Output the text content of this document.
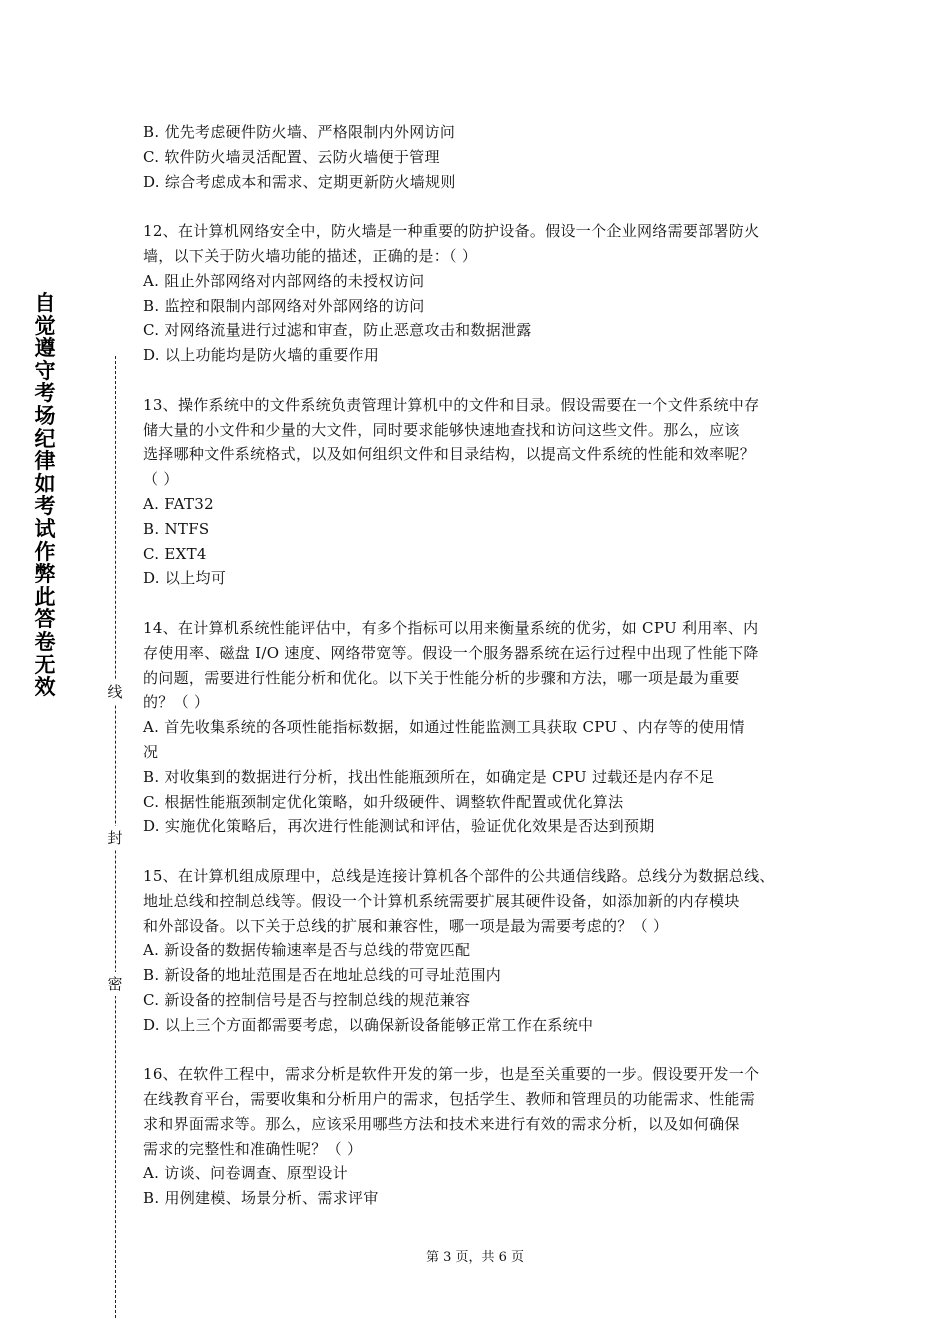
自
觉
遵
守
考
场
纪
律
如
考
试
作
弊
此
答
卷
无
效	线
封
密

B. 优先考虑硬件防火墙、严格限制内外网访问

C. 软件防火墙灵活配置、云防火墙便于管理

D. 综合考虑成本和需求、定期更新防火墙规则

12、在计算机网络安全中，防火墙是一种重要的防护设备。假设一个企业网络需要部署防火

墙，以下关于防火墙功能的描述，正确的是：（ ）

A. 阻止外部网络对内部网络的未授权访问

B. 监控和限制内部网络对外部网络的访问

C. 对网络流量进行过滤和审查，防止恶意攻击和数据泄露

D. 以上功能均是防火墙的重要作用

13、操作系统中的文件系统负责管理计算机中的文件和目录。假设需要在一个文件系统中存

储大量的小文件和少量的大文件，同时要求能够快速地查找和访问这些文件。那么，应该

选择哪种文件系统格式，以及如何组织文件和目录结构，以提高文件系统的性能和效率呢？

（ ）

A. FAT32

B. NTFS

C. EXT4

D. 以上均可

14、在计算机系统性能评估中，有多个指标可以用来衡量系统的优劣，如 CPU 利用率、内

存使用率、磁盘 I/O 速度、网络带宽等。假设一个服务器系统在运行过程中出现了性能下降

的问题，需要进行性能分析和优化。以下关于性能分析的步骤和方法，哪一项是最为重要

的？（ ）

A. 首先收集系统的各项性能指标数据，如通过性能监测工具获取 CPU 、内存等的使用情

况

B. 对收集到的数据进行分析，找出性能瓶颈所在，如确定是 CPU 过载还是内存不足

C. 根据性能瓶颈制定优化策略，如升级硬件、调整软件配置或优化算法

D. 实施优化策略后，再次进行性能测试和评估，验证优化效果是否达到预期

15、在计算机组成原理中，总线是连接计算机各个部件的公共通信线路。总线分为数据总线、

地址总线和控制总线等。假设一个计算机系统需要扩展其硬件设备，如添加新的内存模块

和外部设备。以下关于总线的扩展和兼容性，哪一项是最为需要考虑的？（ ）

A. 新设备的数据传输速率是否与总线的带宽匹配

B. 新设备的地址范围是否在地址总线的可寻址范围内

C. 新设备的控制信号是否与控制总线的规范兼容

D. 以上三个方面都需要考虑，以确保新设备能够正常工作在系统中

16、在软件工程中，需求分析是软件开发的第一步，也是至关重要的一步。假设要开发一个

在线教育平台，需要收集和分析用户的需求，包括学生、教师和管理员的功能需求、性能需

求和界面需求等。那么，应该采用哪些方法和技术来进行有效的需求分析，以及如何确保

需求的完整性和准确性呢？（ ）

A. 访谈、问卷调查、原型设计

B. 用例建模、场景分析、需求评审

第 3 页，共 6 页
